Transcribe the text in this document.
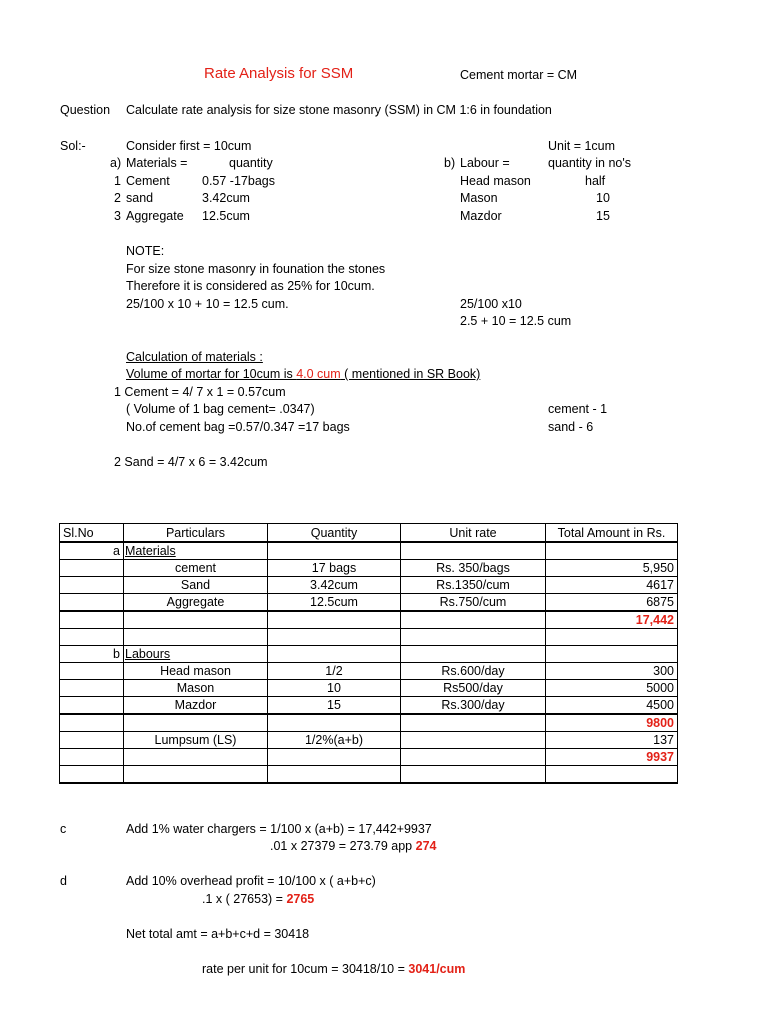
Rate Analysis for SSM	Cement mortar = CM
Question Calculate rate analysis for size stone masonry (SSM) in CM 1:6 in foundation
Sol:-	Consider first = 10cum	Unit = 1cum
a) Materials =	quantity	b) Labour =	quantity in no's
1 Cement	0.57 -17bags
2 sand	3.42cum
3 Aggregate 12.5cum
Head mason	half
Mason	10
Mazdor	15
NOTE:
For size stone masonry in founation the stones
Therefore it is considered as 25% for 10cum.
25/100 x 10 + 10 = 12.5 cum.	25/100 x10
2.5 + 10 = 12.5 cum
Calculation of materials :
Volume of mortar for 10cum is 4.0 cum ( mentioned in SR Book)
1 Cement = 4/ 7 x 1 = 0.57cum
( Volume of 1 bag cement= .0347)	cement - 1
No.of cement bag =0.57/0.347 =17 bags	sand - 6
2 Sand = 4/7 x 6 = 3.42cum
Sl.No	Particulars	Quantity	Unit rate	Total Amount in Rs.
a	Materials			
	cement	17 bags	Rs. 350/bags	5,950
	Sand	3.42cum	Rs.1350/cum	4617
	Aggregate	12.5cum	Rs.750/cum	6875
				17,442

b	Labours			
	Head mason	1/2	Rs.600/day	300
	Mason	10	Rs500/day	5000
	Mazdor	15	Rs.300/day	4500
				9800
	Lumpsum (LS)	1/2%(a+b)		137
				9937

c	Add 1% water chargers = 1/100 x (a+b) = 17,442+9937
.01 x 27379 = 273.79 app 274
d	Add 10% overhead profit = 10/100 x ( a+b+c)
.1 x ( 27653) = 2765
Net total amt = a+b+c+d = 30418
rate per unit for 10cum = 30418/10 = 3041/cum
